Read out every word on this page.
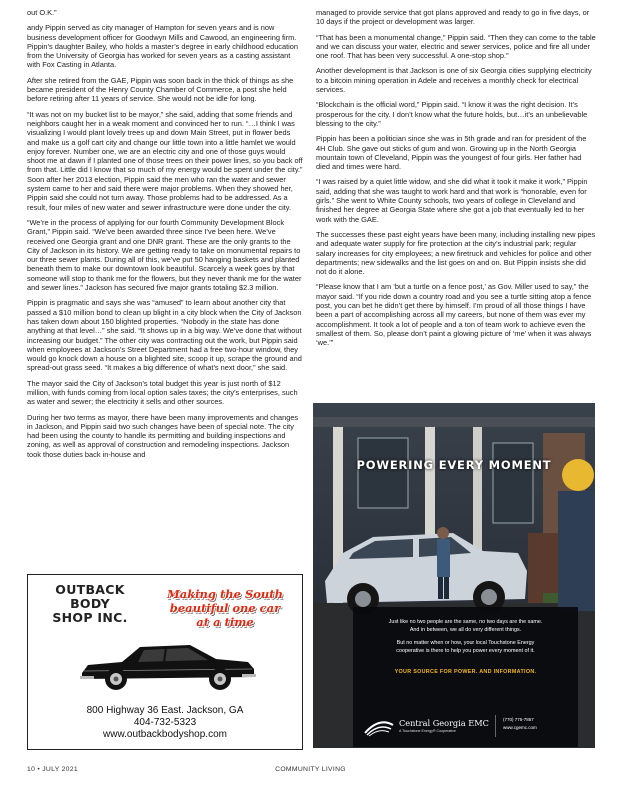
out O.K.”

andy Pippin served as city manager of Hampton for seven years and is now business development officer for Goodwyn Mills and Cawood, an engineering firm. Pippin’s daughter Bailey, who holds a master’s degree in early childhood education from the University of Georgia has worked for seven years as a casting assistant with Fox Casting in Atlanta.

After she retired from the GAE, Pippin was soon back in the thick of things as she became president of the Henry County Chamber of Commerce, a post she held before retiring after 11 years of service. She would not be idle for long.

“It was not on my bucket list to be mayor,” she said, adding that some friends and neighbors caught her in a weak moment and convinced her to run. “…I think I was visualizing I would plant lovely trees up and down Main Street, put in flower beds and make us a golf cart city and change our little town into a little hamlet we would enjoy forever. Number one, we are an electric city and one of those guys would shoot me at dawn if I planted one of those trees on their power lines, so you back off from that. Little did I know that so much of my energy would be spent under the city.” Soon after her 2013 election, Pippin said the men who ran the water and sewer system came to her and said there were major problems. When they showed her, Pippin said she could not turn away. Those problems had to be addressed. As a result, four miles of new water and sewer infrastructure were done under the city.

“We’re in the process of applying for our fourth Community Development Block Grant,” Pippin said. “We’ve been awarded three since I’ve been here. We’ve received one Georgia grant and one DNR grant. These are the only grants to the City of Jackson in its history. We are getting ready to take on monumental repairs to our three sewer plants. During all of this, we’ve put 50 hanging baskets and planted beneath them to make our downtown look beautiful. Scarcely a week goes by that someone will stop to thank me for the flowers, but they never thank me for the water and sewer lines.” Jackson has secured five major grants totaling $2.3 million.

Pippin is pragmatic and says she was “amused” to learn about another city that passed a $10 million bond to clean up blight in a city block when the City of Jackson has taken down about 150 blighted properties. “Nobody in the state has done anything at that level…” she said. “It shows up in a big way. We’ve done that without increasing our budget.” The other city was contracting out the work, but Pippin said when employees at Jackson’s Street Department had a free two-hour window, they would go knock down a house on a blighted site, scoop it up, scrape the ground and spread-out grass seed. “It makes a big difference of what’s next door,” she said.

The mayor said the City of Jackson’s total budget this year is just north of $12 million, with funds coming from local option sales taxes; the city’s enterprises, such as water and sewer; the electricity it sells and other sources.

During her two terms as mayor, there have been many improvements and changes in Jackson, and Pippin said two such changes have been of special note. The city had been using the county to handle its permitting and building inspections and zoning, as well as approval of construction and remodeling inspections. Jackson took those duties back in-house and

managed to provide service that got plans approved and ready to go in five days, or 10 days if the project or development was larger.

“That has been a monumental change,” Pippin said. “Then they can come to the table and we can discuss your water, electric and sewer services, police and fire all under one roof. That has been very successful. A one-stop shop.”

Another development is that Jackson is one of six Georgia cities supplying electricity to a bitcoin mining operation in Adele and receives a monthly check for electrical services.

“Blockchain is the official word,” Pippin said. “I know it was the right decision. It’s prosperous for the city. I don’t know what the future holds, but…it’s an unbelievable blessing to the city.”

Pippin has been a politician since she was in 5th grade and ran for president of the 4H Club. She gave out sticks of gum and won. Growing up in the North Georgia mountain town of Cleveland, Pippin was the youngest of four girls. Her father had died and times were hard.

“I was raised by a quiet little widow, and she did what it took it make it work,” Pippin said, adding that she was taught to work hard and that work is “honorable, even for girls.” She went to White County schools, two years of college in Cleveland and finished her degree at Georgia State where she got a job that eventually led to her work with the GAE.

The successes these past eight years have been many, including installing new pipes and adequate water supply for fire protection at the city’s industrial park; regular salary increases for city employees; a new firetruck and vehicles for police and other departments; new sidewalks and the list goes on and on. But Pippin insists she did not do it alone.

“Please know that I am ‘but a turtle on a fence post,’ as Gov. Miller used to say,” the mayor said. “If you ride down a country road and you see a turtle sitting atop a fence post, you can bet he didn’t get there by himself. I’m proud of all those things I have been a part of accomplishing across all my careers, but none of them was ever my accomplishment. It took a lot of people and a ton of team work to achieve even the smallest of them. So, please don’t paint a glowing picture of ‘me’ when it was always ‘we.’”

OUTBACK
BODY
SHOP INC.
Making the South
beautiful one car
at a time
800 Highway 36 East. Jackson, GA
404-732-5323
www.outbackbodyshop.com
POWERING EVERY MOMENT
Just like no two people are the same, no two days are the same.
And in between, we all do very different things.
But no matter when or how, your local Touchstone Energy
cooperative is there to help you power every moment of it.
YOUR SOURCE FOR POWER. AND INFORMATION.
Central Georgia EMC
A Touchstone Energy® Cooperative
(770) 775-7857
www.cgemc.com
10 • JULY 2021	COMMUNITY LIVING
